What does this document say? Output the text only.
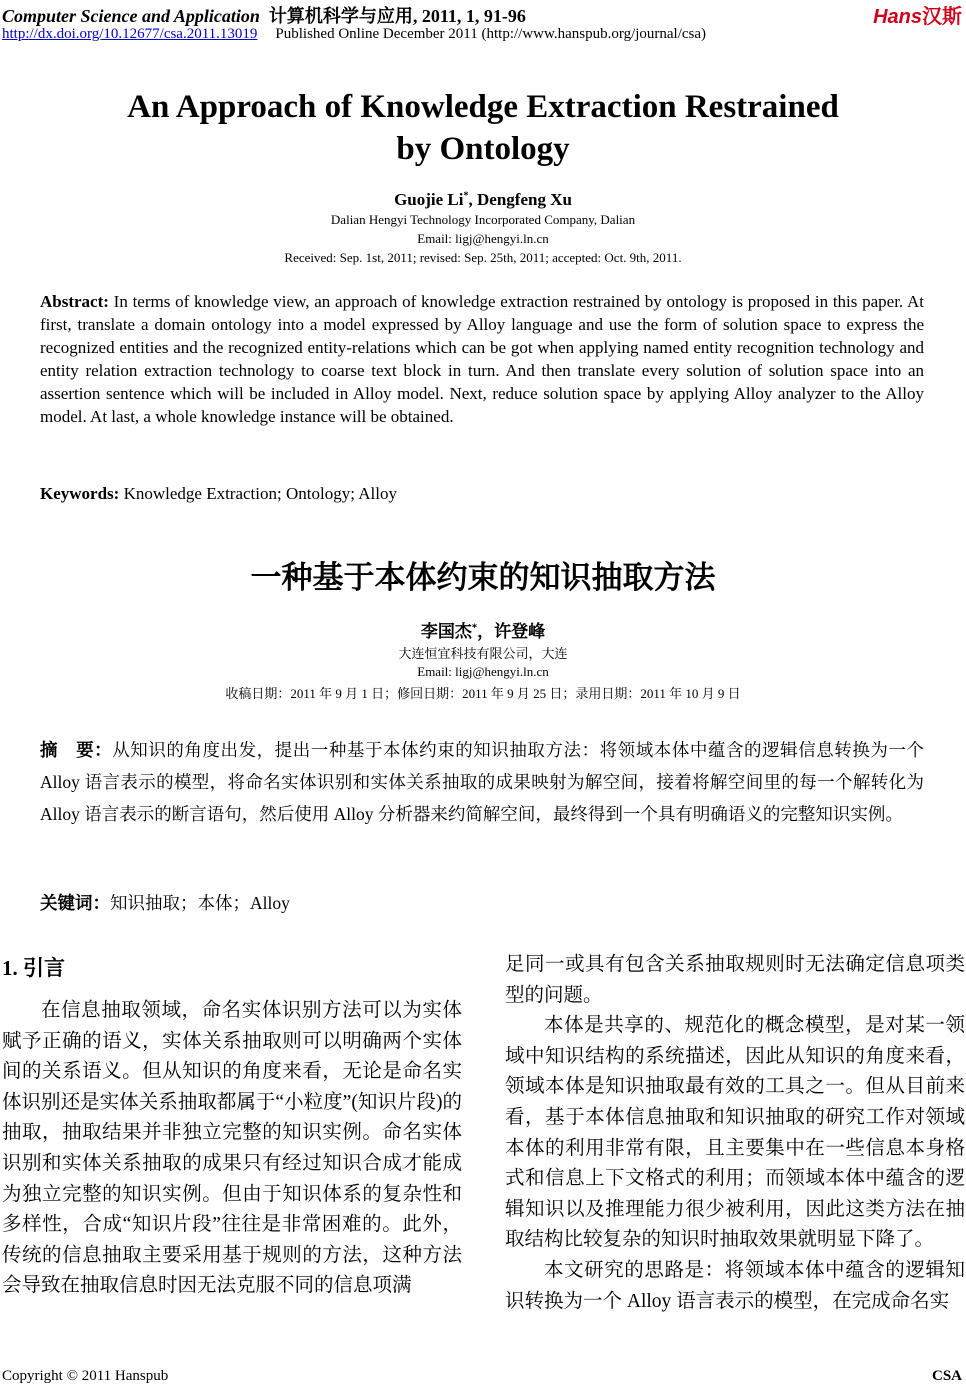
Computer Science and Application 计算机科学与应用, 2011, 1, 91-96
http://dx.doi.org/10.12677/csa.2011.13019 Published Online December 2011 (http://www.hanspub.org/journal/csa)
Hans汉斯
An Approach of Knowledge Extraction Restrained
by Ontology
Guojie Li*, Dengfeng Xu
Dalian Hengyi Technology Incorporated Company, Dalian
Email: ligj@hengyi.ln.cn
Received: Sep. 1st, 2011; revised: Sep. 25th, 2011; accepted: Oct. 9th, 2011.
Abstract: In terms of knowledge view, an approach of knowledge extraction restrained by ontology is proposed in this paper. At first, translate a domain ontology into a model expressed by Alloy language and use the form of solution space to express the recognized entities and the recognized entity-relations which can be got when applying named entity recognition technology and entity relation extraction technology to coarse text block in turn. And then translate every solution of solution space into an assertion sentence which will be included in Alloy model. Next, reduce solution space by applying Alloy analyzer to the Alloy model. At last, a whole knowledge instance will be obtained.
Keywords: Knowledge Extraction; Ontology; Alloy
一种基于本体约束的知识抽取方法
李国杰*，许登峰
大连恒宜科技有限公司，大连
Email: ligj@hengyi.ln.cn
收稿日期：2011 年 9 月 1 日；修回日期：2011 年 9 月 25 日；录用日期：2011 年 10 月 9 日
摘　要：从知识的角度出发，提出一种基于本体约束的知识抽取方法：将领域本体中蕴含的逻辑信息转换为一个 Alloy 语言表示的模型，将命名实体识别和实体关系抽取的成果映射为解空间，接着将解空间里的每一个解转化为 Alloy 语言表示的断言语句，然后使用 Alloy 分析器来约简解空间，最终得到一个具有明确语义的完整知识实例。
关键词：知识抽取；本体；Alloy
1. 引言

在信息抽取领域，命名实体识别方法可以为实体赋予正确的语义，实体关系抽取则可以明确两个实体间的关系语义。但从知识的角度来看，无论是命名实体识别还是实体关系抽取都属于“小粒度”(知识片段)的抽取，抽取结果并非独立完整的知识实例。命名实体识别和实体关系抽取的成果只有经过知识合成才能成为独立完整的知识实例。但由于知识体系的复杂性和多样性，合成“知识片段”往往是非常困难的。此外，传统的信息抽取主要采用基于规则的方法，这种方法会导致在抽取信息时因无法克服不同的信息项满

足同一或具有包含关系抽取规则时无法确定信息项类型的问题。

本体是共享的、规范化的概念模型，是对某一领域中知识结构的系统描述，因此从知识的角度来看，领域本体是知识抽取最有效的工具之一。但从目前来看，基于本体信息抽取和知识抽取的研究工作对领域本体的利用非常有限，且主要集中在一些信息本身格式和信息上下文格式的利用；而领域本体中蕴含的逻辑知识以及推理能力很少被利用，因此这类方法在抽取结构比较复杂的知识时抽取效果就明显下降了。

本文研究的思路是：将领域本体中蕴含的逻辑知识转换为一个 Alloy 语言表示的模型，在完成命名实

Copyright © 2011 Hanspub	CSA
